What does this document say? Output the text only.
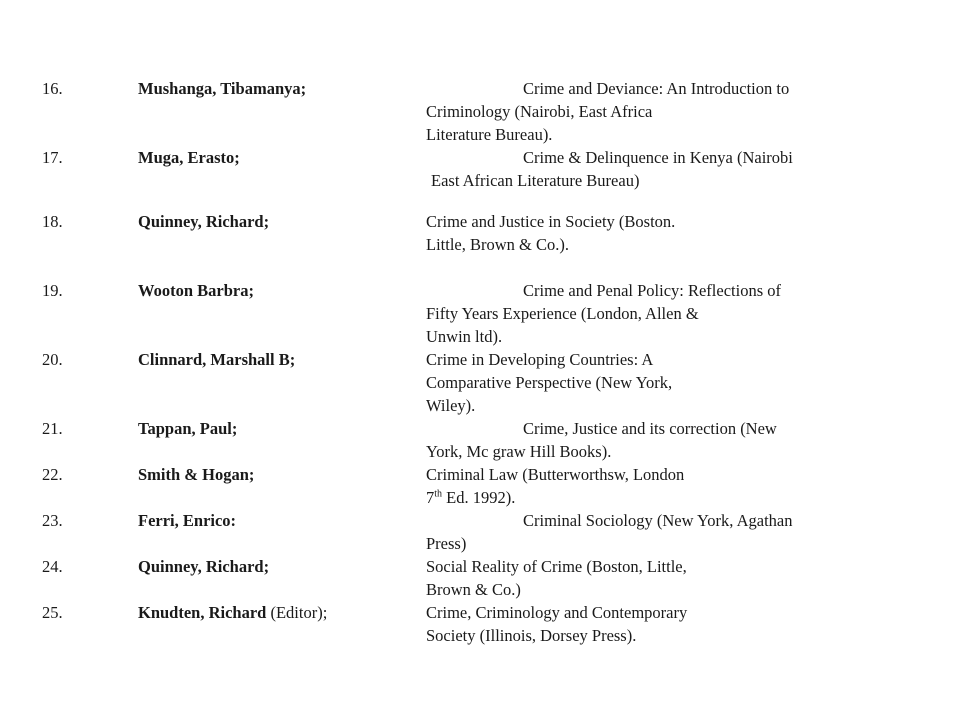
16.	Mushanga, Tibamanya;	Crime and Deviance: An Introduction to
Criminology (Nairobi, East Africa
Literature Bureau).
17.	Muga, Erasto;	Crime & Delinquence in Kenya (Nairobi
East African Literature Bureau)
18.	Quinney, Richard;	Crime and Justice in Society (Boston.
Little, Brown & Co.).
19.	Wooton Barbra;	Crime and Penal Policy: Reflections of
Fifty Years Experience (London, Allen &
Unwin ltd).
20.	Clinnard, Marshall B;	Crime in Developing Countries: A
Comparative Perspective (New York,
Wiley).
21.	Tappan, Paul;	Crime, Justice and its correction (New
York, Mc graw Hill Books).
22.	Smith & Hogan;	Criminal Law (Butterworthsw, London
7th Ed. 1992).
23.	Ferri, Enrico:	Criminal Sociology (New York, Agathan
Press)
24.	Quinney, Richard;	Social Reality of Crime (Boston, Little,
Brown & Co.)
25.	Knudten, Richard (Editor);	Crime, Criminology and Contemporary
Society (Illinois, Dorsey Press).
